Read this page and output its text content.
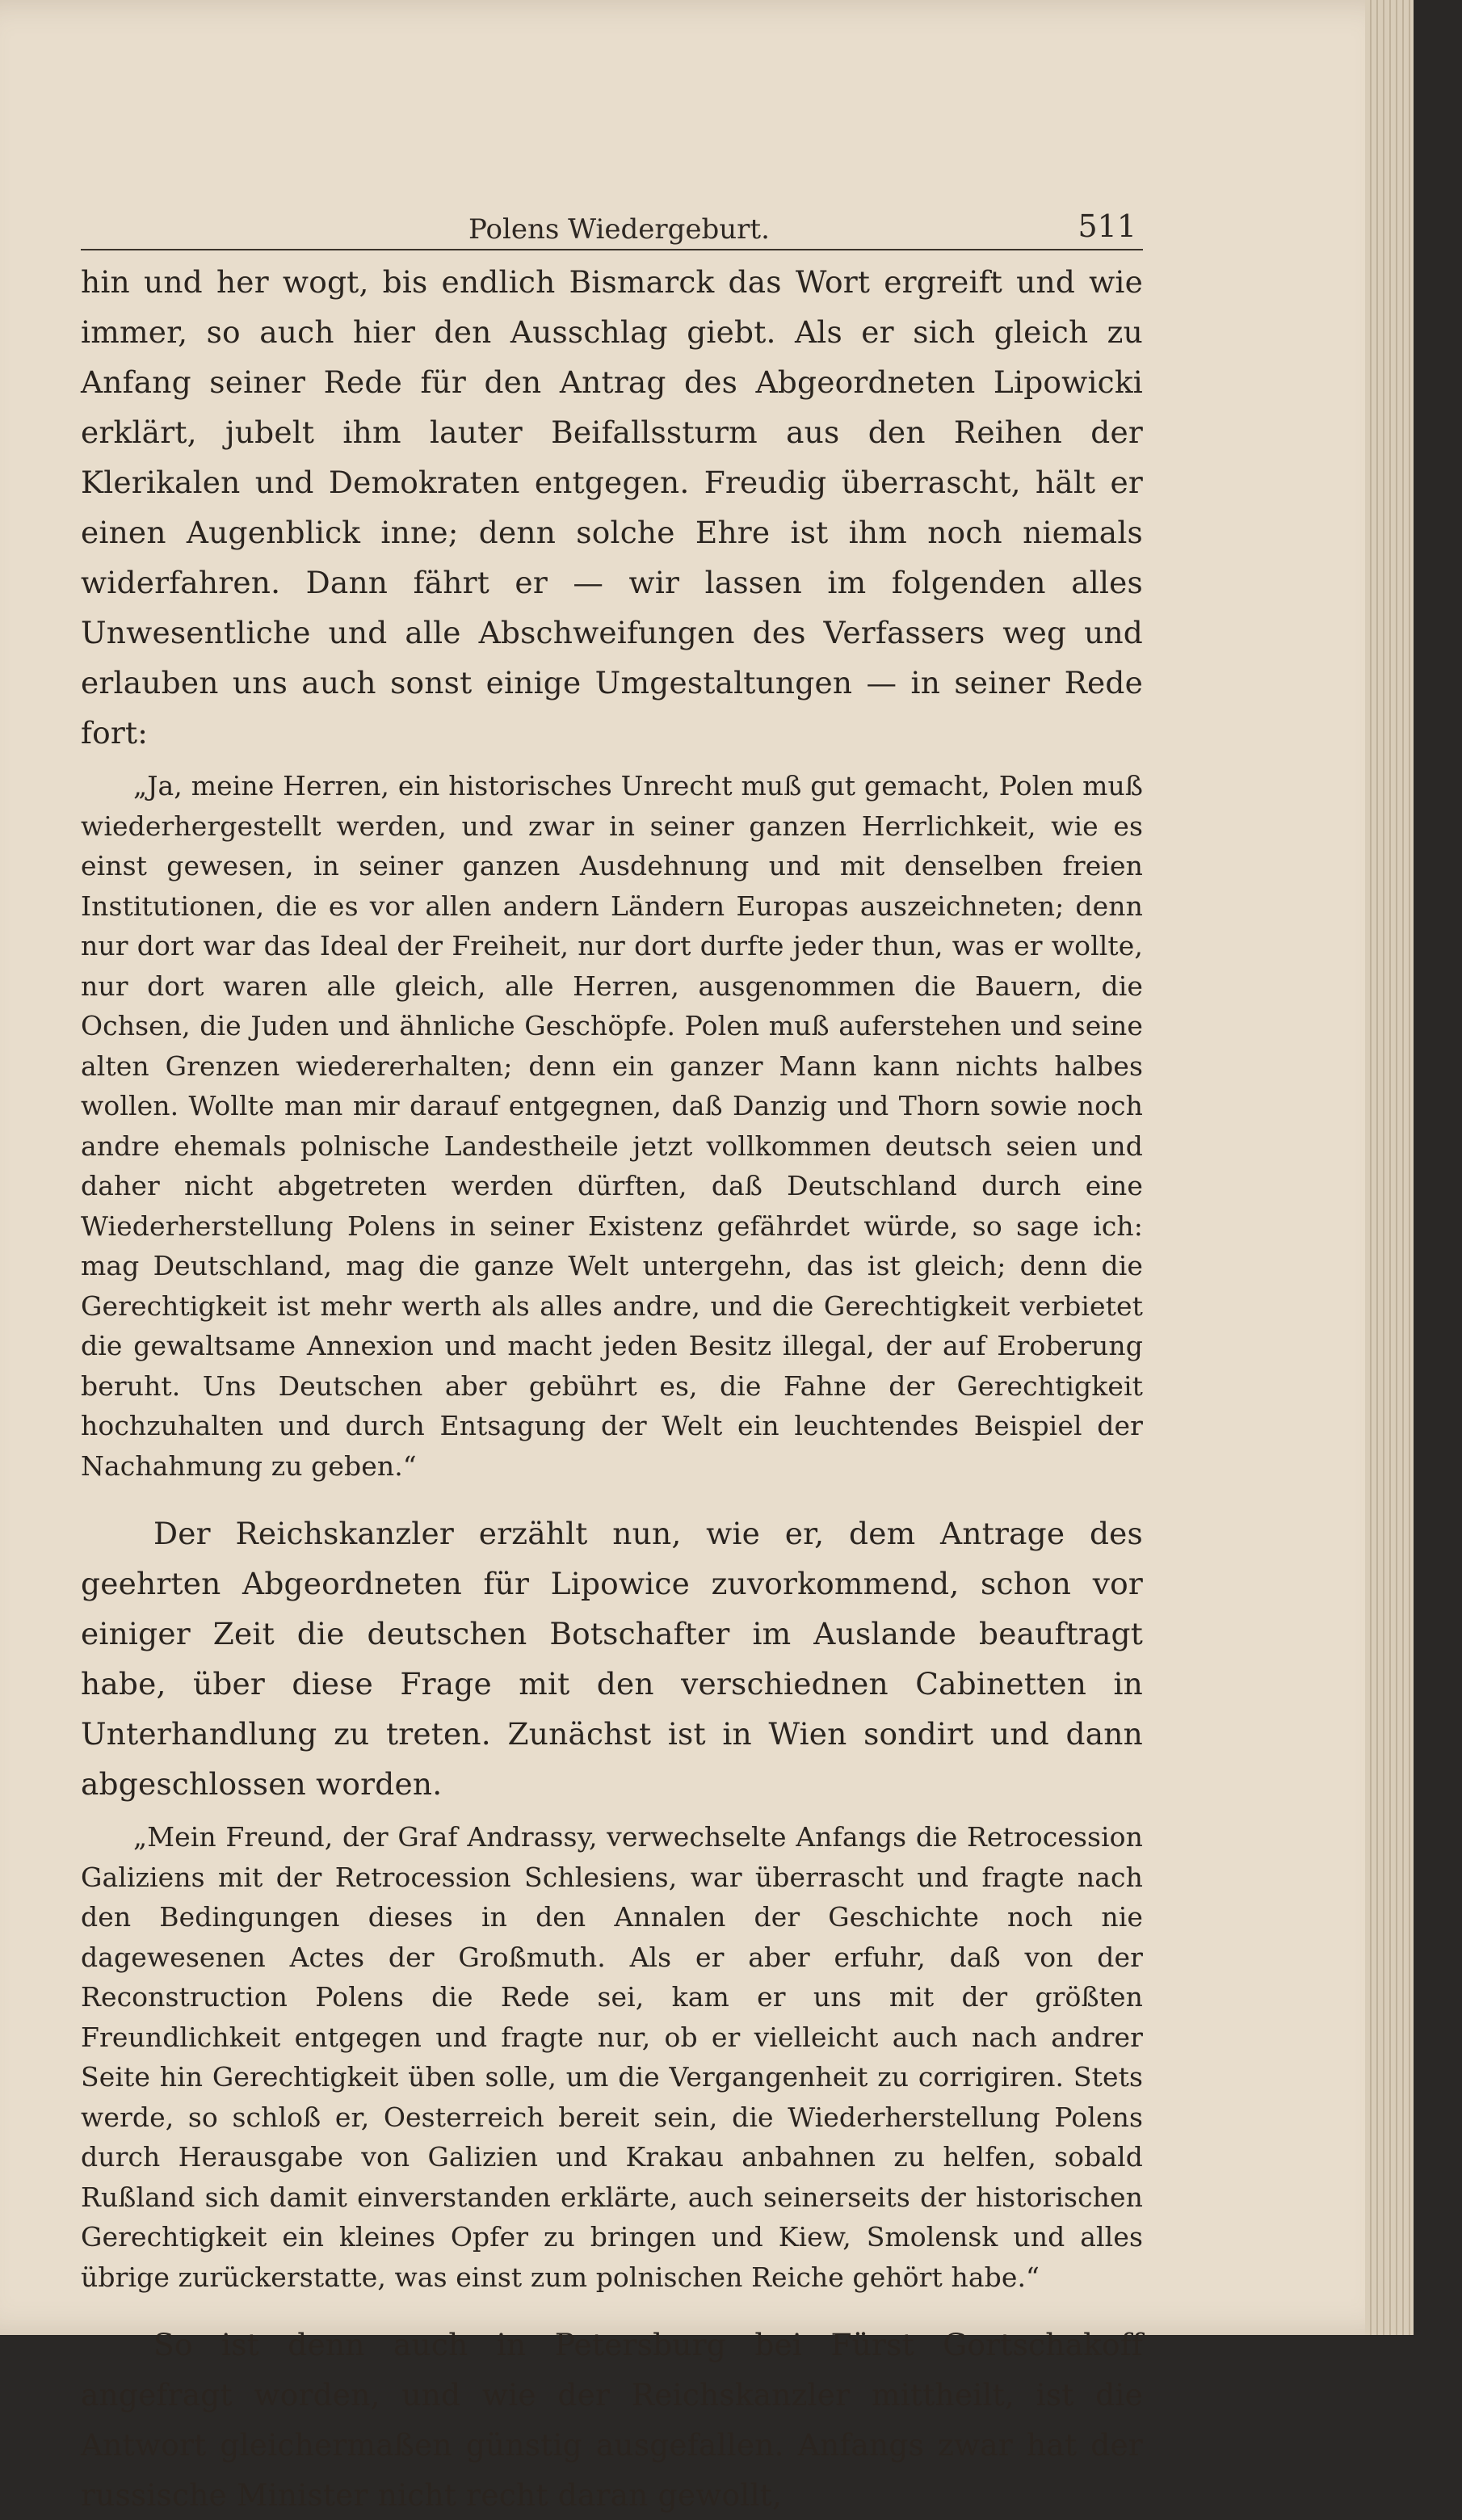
Polens Wiedergeburt.	511

hin und her wogt, bis endlich Bismarck das Wort ergreift und wie immer, so auch hier den Ausschlag giebt. Als er sich gleich zu Anfang seiner Rede für den Antrag des Abgeordneten Lipowicki erklärt, jubelt ihm lauter Beifallssturm aus den Reihen der Klerikalen und Demokraten entgegen. Freudig überrascht, hält er einen Augenblick inne; denn solche Ehre ist ihm noch niemals widerfahren. Dann fährt er — wir lassen im folgenden alles Unwesentliche und alle Abschweifungen des Verfassers weg und erlauben uns auch sonst einige Umgestaltungen — in seiner Rede fort:

„Ja, meine Herren, ein historisches Unrecht muß gut gemacht, Polen muß wiederhergestellt werden, und zwar in seiner ganzen Herrlichkeit, wie es einst gewesen, in seiner ganzen Ausdehnung und mit denselben freien Institutionen, die es vor allen andern Ländern Europas auszeichneten; denn nur dort war das Ideal der Freiheit, nur dort durfte jeder thun, was er wollte, nur dort waren alle gleich, alle Herren, ausgenommen die Bauern, die Ochsen, die Juden und ähnliche Geschöpfe. Polen muß auferstehen und seine alten Grenzen wiedererhalten; denn ein ganzer Mann kann nichts halbes wollen. Wollte man mir darauf entgegnen, daß Danzig und Thorn sowie noch andre ehemals polnische Landestheile jetzt vollkommen deutsch seien und daher nicht abgetreten werden dürften, daß Deutschland durch eine Wiederherstellung Polens in seiner Existenz gefährdet würde, so sage ich: mag Deutschland, mag die ganze Welt untergehn, das ist gleich; denn die Gerechtigkeit ist mehr werth als alles andre, und die Gerechtigkeit verbietet die gewaltsame Annexion und macht jeden Besitz illegal, der auf Eroberung beruht. Uns Deutschen aber gebührt es, die Fahne der Gerechtigkeit hochzuhalten und durch Entsagung der Welt ein leuchtendes Beispiel der Nachahmung zu geben.“

Der Reichskanzler erzählt nun, wie er, dem Antrage des geehrten Abgeordneten für Lipowice zuvorkommend, schon vor einiger Zeit die deutschen Botschafter im Auslande beauftragt habe, über diese Frage mit den verschiednen Cabinetten in Unterhandlung zu treten. Zunächst ist in Wien sondirt und dann abgeschlossen worden.

„Mein Freund, der Graf Andrassy, verwechselte Anfangs die Retrocession Galiziens mit der Retrocession Schlesiens, war überrascht und fragte nach den Bedingungen dieses in den Annalen der Geschichte noch nie dagewesenen Actes der Großmuth. Als er aber erfuhr, daß von der Reconstruction Polens die Rede sei, kam er uns mit der größten Freundlichkeit entgegen und fragte nur, ob er vielleicht auch nach andrer Seite hin Gerechtigkeit üben solle, um die Vergangenheit zu corrigiren. Stets werde, so schloß er, Oesterreich bereit sein, die Wiederherstellung Polens durch Herausgabe von Galizien und Krakau anbahnen zu helfen, sobald Rußland sich damit einverstanden erklärte, auch seinerseits der historischen Gerechtigkeit ein kleines Opfer zu bringen und Kiew, Smolensk und alles übrige zurückerstatte, was einst zum polnischen Reiche gehört habe.“

So ist denn auch in Petersburg bei Fürst Gortschakoff angefragt worden, und wie der Reichskanzler mittheilt, ist die Antwort gleichermaßen günstig ausgefallen. Anfangs zwar hat der russische Minister nicht recht daran gewollt,
